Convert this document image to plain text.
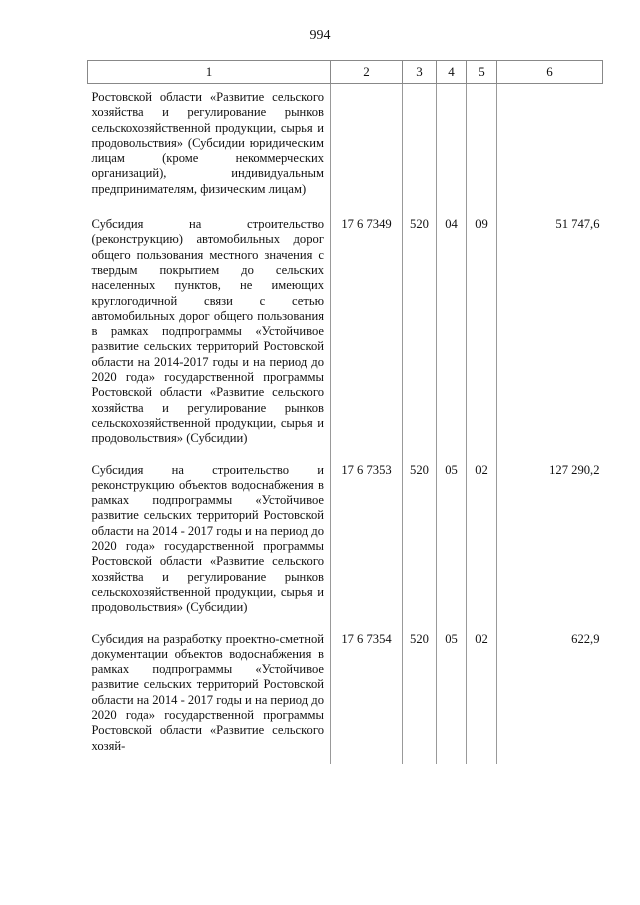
994
1	2	3	4	5	6
Ростовской области «Развитие сельского хозяйства и регулирование рынков сельскохозяйственной продукции, сырья и продовольствия» (Субсидии юридическим лицам (кроме некоммерческих организаций), индивидуальным предпринимателям, физическим лицам)					
Субсидия на строительство (реконструкцию) автомобильных дорог общего пользования местного значения с твердым покрытием до сельских населенных пунктов, не имеющих круглогодичной связи с сетью автомобильных дорог общего пользования в рамках подпрограммы «Устойчивое развитие сельских территорий Ростовской области на 2014-2017 годы и на период до 2020 года» государственной программы Ростовской области «Развитие сельского хозяйства и регулирование рынков сельскохозяйственной продукции, сырья и продовольствия» (Субсидии)	17 6 7349	520	04	09	51 747,6
Субсидия на строительство и реконструкцию объектов водоснабжения в рамках подпрограммы «Устойчивое развитие сельских территорий Ростовской области на 2014 - 2017 годы и на период до 2020 года» государственной программы Ростовской области «Развитие сельского хозяйства и регулирование рынков сельскохозяйственной продукции, сырья и продовольствия» (Субсидии)	17 6 7353	520	05	02	127 290,2
Субсидия на разработку проектно-сметной документации объектов водоснабжения в рамках подпрограммы «Устойчивое развитие сельских территорий Ростовской области на 2014 - 2017 годы и на период до 2020 года» государственной программы Ростовской области «Развитие сельского хозяй-	17 6 7354	520	05	02	622,9
